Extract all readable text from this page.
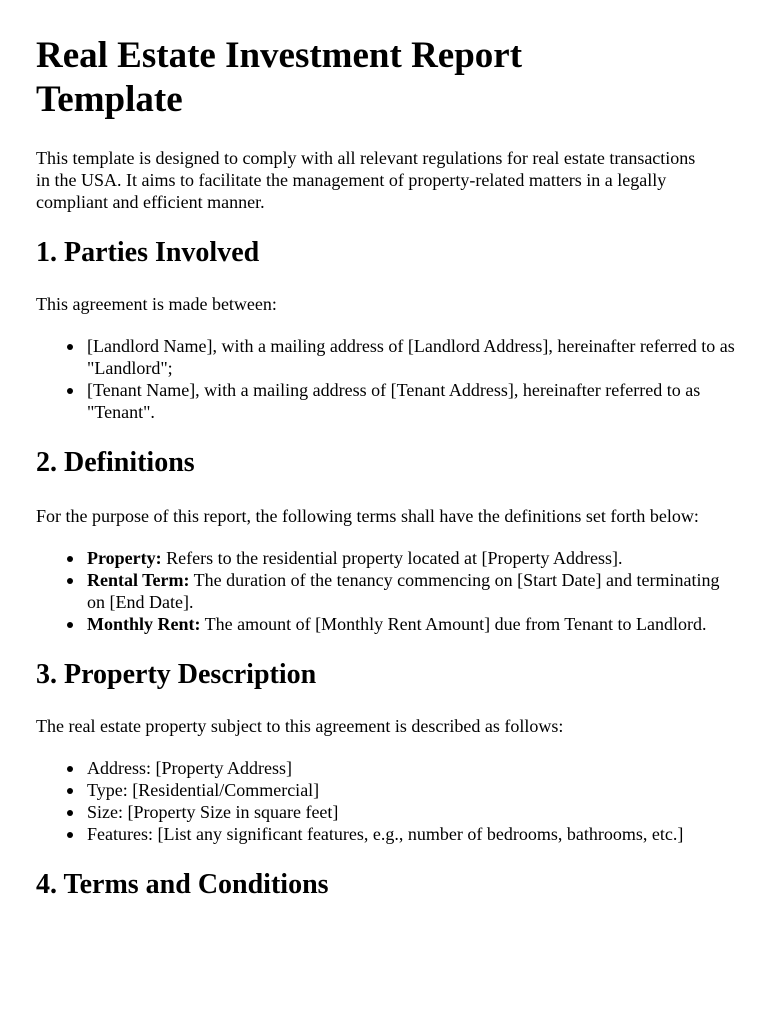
Real Estate Investment Report Template

This template is designed to comply with all relevant regulations for real estate transactions in the USA. It aims to facilitate the management of property-related matters in a legally compliant and efficient manner.

1. Parties Involved

This agreement is made between:

[Landlord Name], with a mailing address of [Landlord Address], hereinafter referred to as "Landlord";
[Tenant Name], with a mailing address of [Tenant Address], hereinafter referred to as "Tenant".
2. Definitions

For the purpose of this report, the following terms shall have the definitions set forth below:

Property: Refers to the residential property located at [Property Address].
Rental Term: The duration of the tenancy commencing on [Start Date] and terminating on [End Date].
Monthly Rent: The amount of [Monthly Rent Amount] due from Tenant to Landlord.
3. Property Description

The real estate property subject to this agreement is described as follows:

Address: [Property Address]
Type: [Residential/Commercial]
Size: [Property Size in square feet]
Features: [List any significant features, e.g., number of bedrooms, bathrooms, etc.]
4. Terms and Conditions
